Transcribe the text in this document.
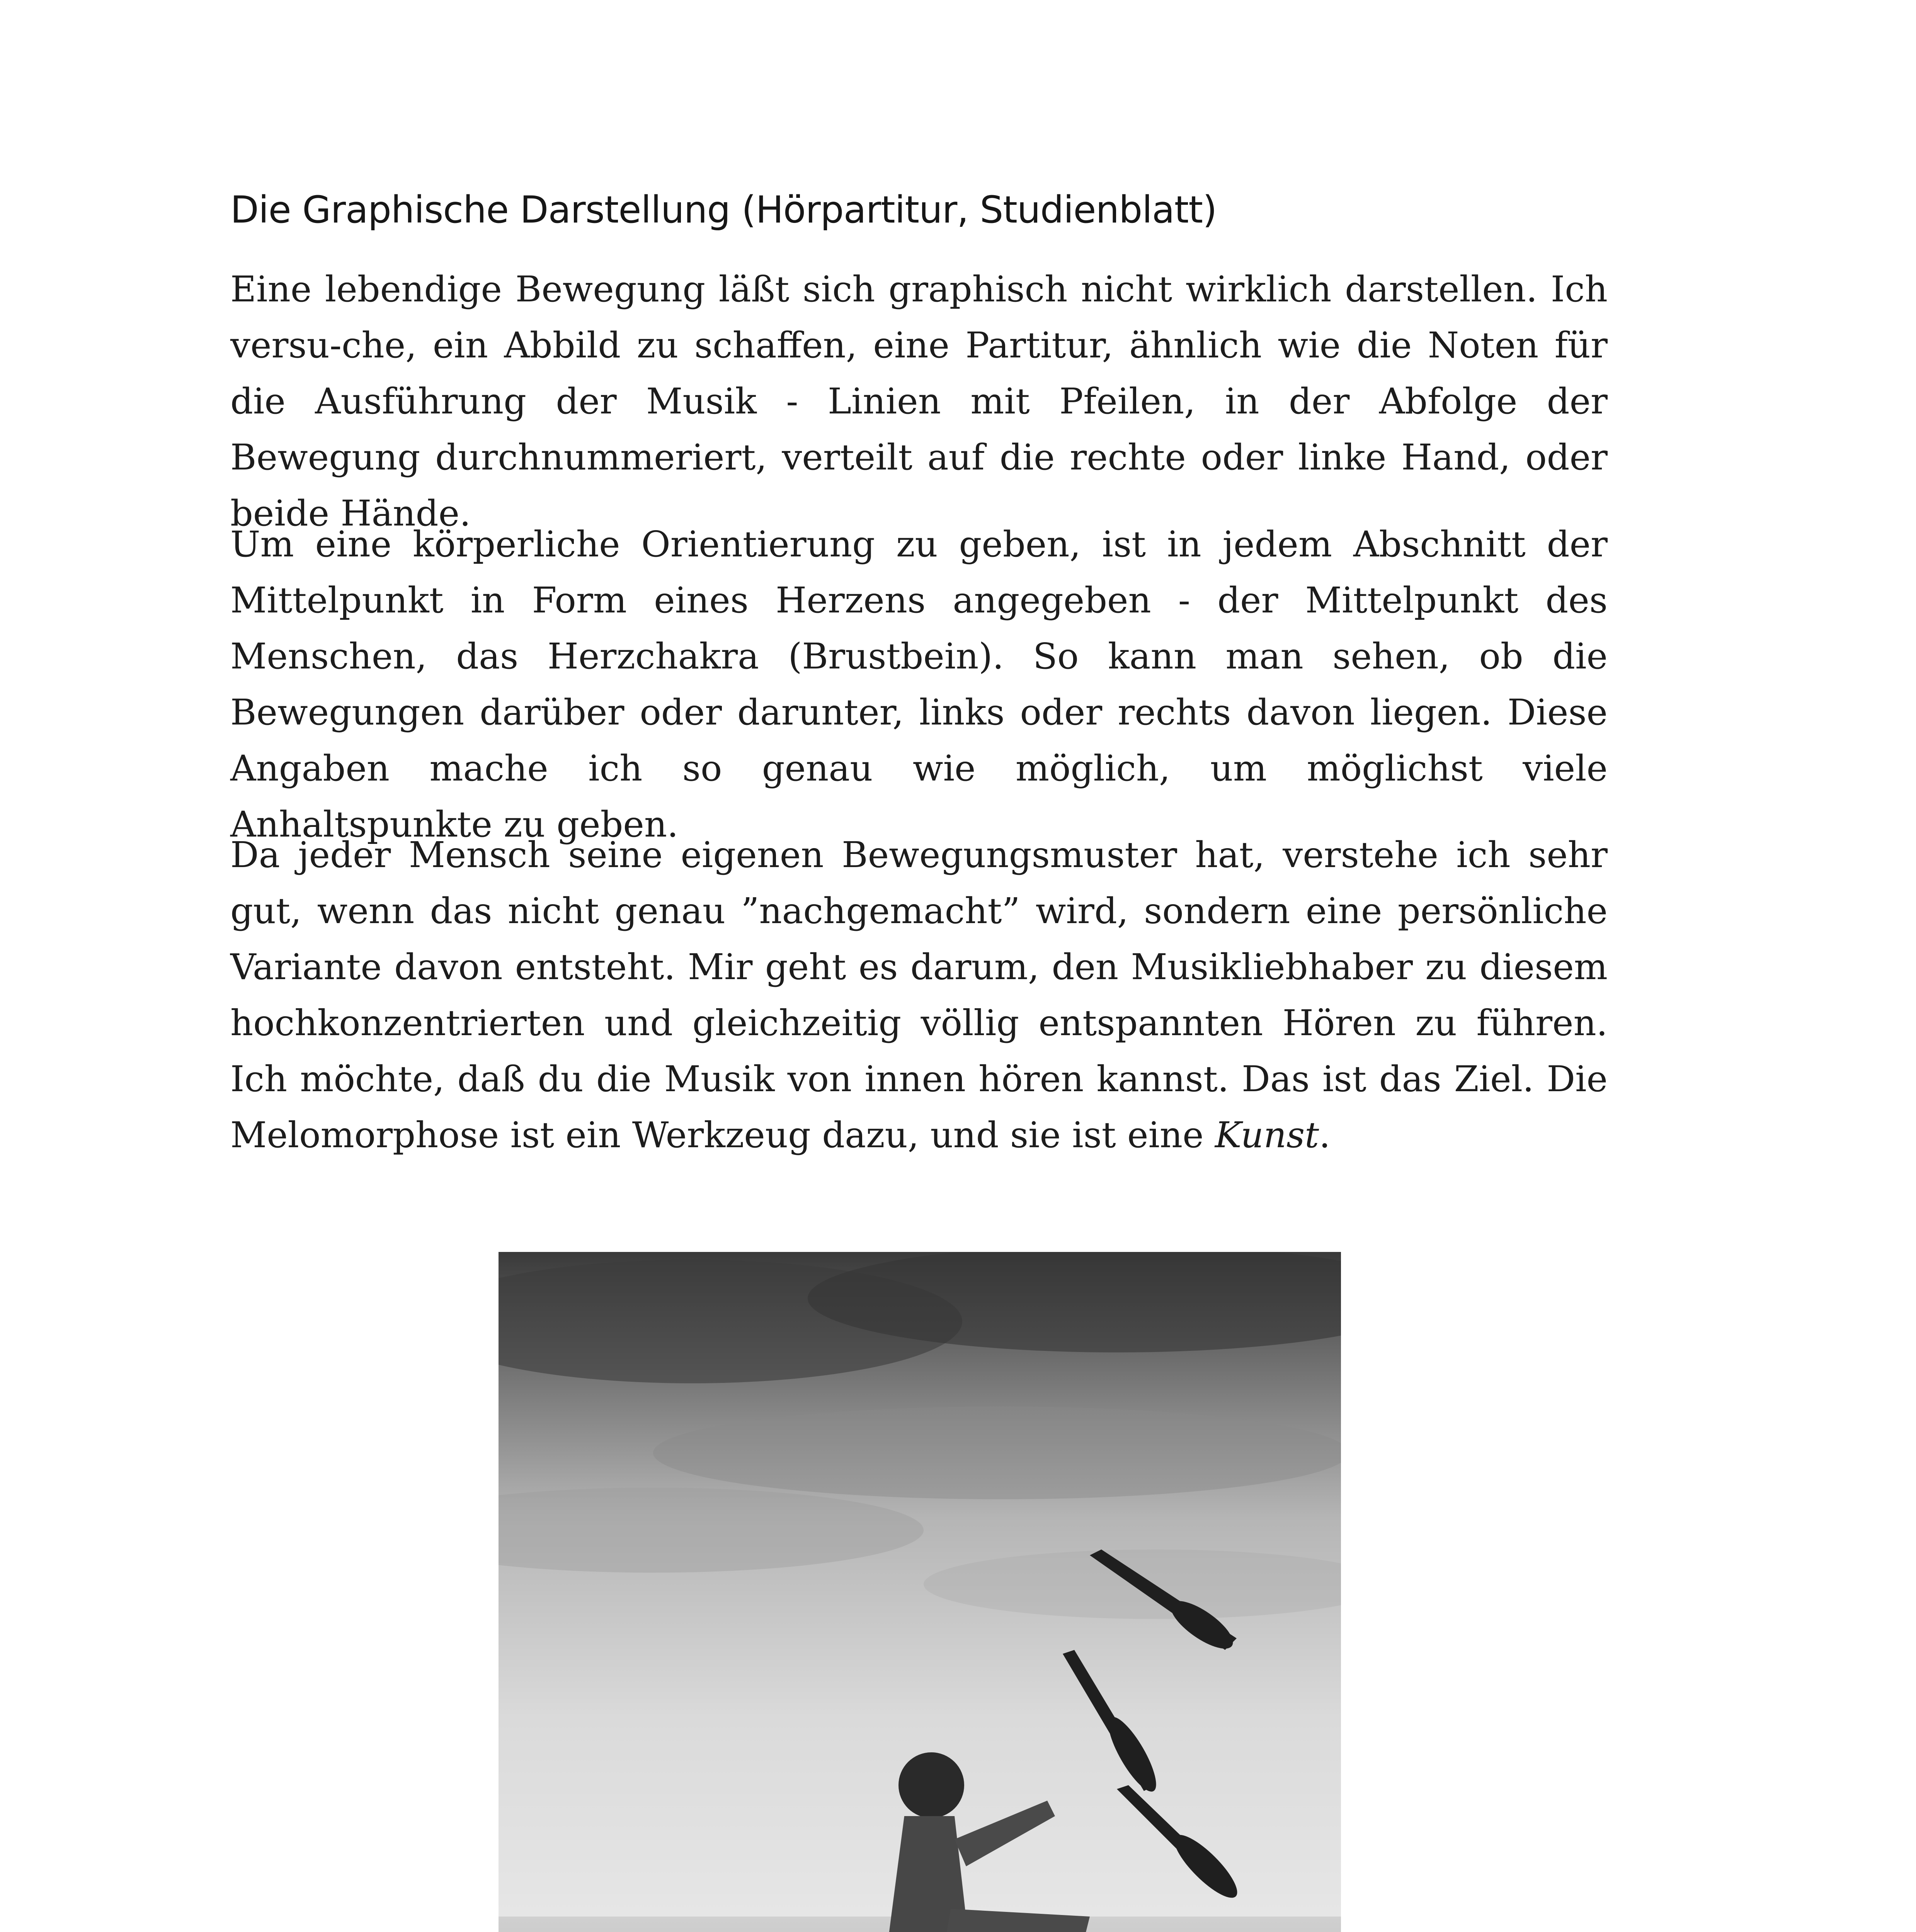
Die Graphische Darstellung (Hörpartitur, Studienblatt)

Eine lebendige Bewegung läßt sich graphisch nicht wirklich darstellen. Ich versu-che, ein Abbild zu schaffen, eine Partitur, ähnlich wie die Noten für die Ausführung der Musik - Linien mit Pfeilen, in der Abfolge der Bewegung durchnummeriert, verteilt auf die rechte oder linke Hand, oder beide Hände.

Um eine körperliche Orientierung zu geben, ist in jedem Abschnitt der Mittelpunkt in Form eines Herzens angegeben - der Mittelpunkt des Menschen, das Herzchakra (Brustbein). So kann man sehen, ob die Bewegungen darüber oder darunter, links oder rechts davon liegen. Diese Angaben mache ich so genau wie möglich, um möglichst viele Anhaltspunkte zu geben.

Da jeder Mensch seine eigenen Bewegungsmuster hat, verstehe ich sehr gut, wenn das nicht genau ”nachgemacht” wird, sondern eine persönliche Variante davon entsteht. Mir geht es darum, den Musikliebhaber zu diesem hochkonzentrierten und gleichzeitig völlig entspannten Hören zu führen. Ich möchte, daß du die Musik von innen hören kannst. Das ist das Ziel. Die Melomorphose ist ein Werkzeug dazu, und sie ist eine Kunst.
